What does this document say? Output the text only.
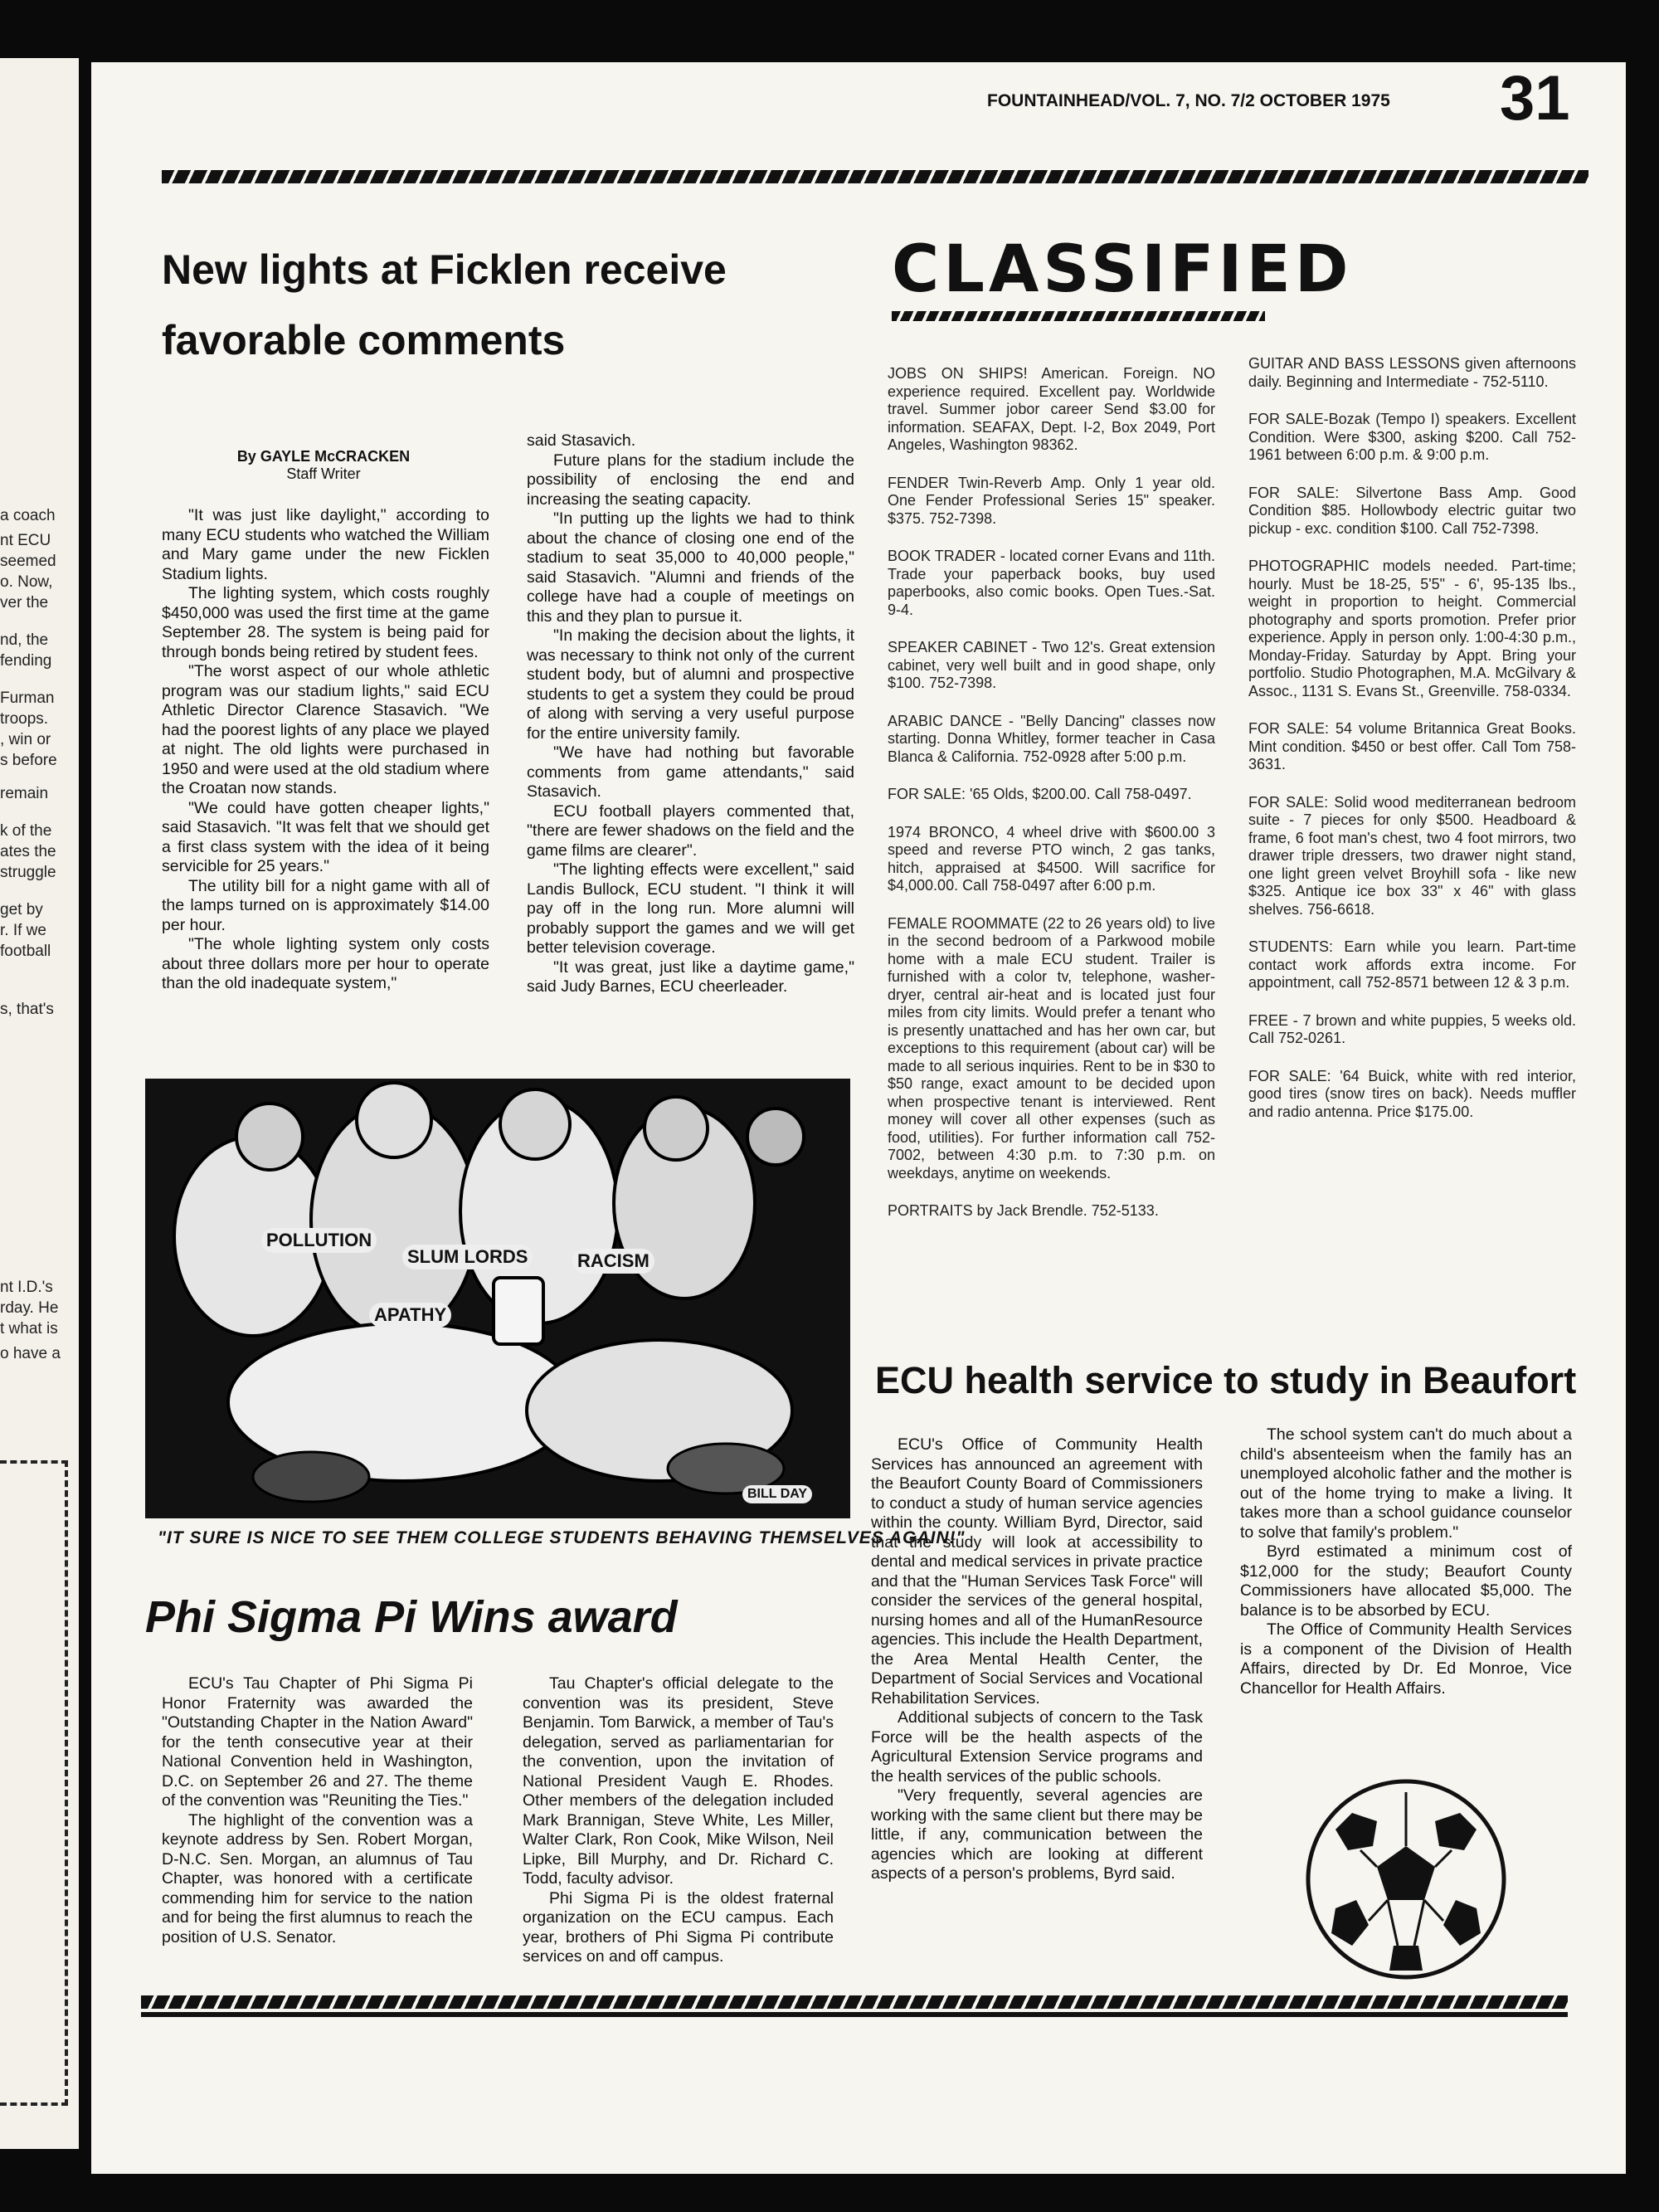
a coach
nt ECU
seemed
o. Now,
ver the
nd, the
fending
Furman
troops.
, win or
s before
remain
k of the
ates the
struggle
get by
r. If we
football
s, that's
nt I.D.'s
rday. He
t what is
o have a
FOUNTAINHEAD/VOL. 7, NO. 7/2 OCTOBER 1975 31
New lights at Ficklen receive
favorable comments
By GAYLE McCRACKEN
Staff Writer

"It was just like daylight," according to many ECU students who watched the William and Mary game under the new Ficklen Stadium lights.

The lighting system, which costs roughly $450,000 was used the first time at the game September 28. The system is being paid for through bonds being retired by student fees.

"The worst aspect of our whole athletic program was our stadium lights," said ECU Athletic Director Clarence Stasavich. "We had the poorest lights of any place we played at night. The old lights were purchased in 1950 and were used at the old stadium where the Croatan now stands.

"We could have gotten cheaper lights," said Stasavich. "It was felt that we should get a first class system with the idea of it being servicible for 25 years."

The utility bill for a night game with all of the lamps turned on is approximately $14.00 per hour.

"The whole lighting system only costs about three dollars more per hour to operate than the old inadequate system,"

said Stasavich.

Future plans for the stadium include the possibility of enclosing the end and increasing the seating capacity.

"In putting up the lights we had to think about the chance of closing one end of the stadium to seat 35,000 to 40,000 people," said Stasavich. "Alumni and friends of the college have had a couple of meetings on this and they plan to pursue it.

"In making the decision about the lights, it was necessary to think not only of the current student body, but of alumni and prospective students to get a system they could be proud of along with serving a very useful purpose for the entire university family.

"We have had nothing but favorable comments from game attendants," said Stasavich.

ECU football players commented that, "there are fewer shadows on the field and the game films are clearer".

"The lighting effects were excellent," said Landis Bullock, ECU student. "I think it will pay off in the long run. More alumni will probably support the games and we will get better television coverage.

"It was great, just like a daytime game," said Judy Barnes, ECU cheerleader.

POLLUTION
SLUM LORDS	RACISM
APATHY
BILL DAY
"IT SURE IS NICE TO SEE THEM COLLEGE STUDENTS BEHAVING THEMSELVES AGAIN!"
Phi Sigma Pi Wins award

ECU's Tau Chapter of Phi Sigma Pi Honor Fraternity was awarded the "Outstanding Chapter in the Nation Award" for the tenth consecutive year at their National Convention held in Washington, D.C. on September 26 and 27. The theme of the convention was "Reuniting the Ties."

The highlight of the convention was a keynote address by Sen. Robert Morgan, D-N.C. Sen. Morgan, an alumnus of Tau Chapter, was honored with a certificate commending him for service to the nation and for being the first alumnus to reach the position of U.S. Senator.

Tau Chapter's official delegate to the convention was its president, Steve Benjamin. Tom Barwick, a member of Tau's delegation, served as parliamentarian for the convention, upon the invitation of National President Vaugh E. Rhodes. Other members of the delegation included Mark Brannigan, Steve White, Les Miller, Walter Clark, Ron Cook, Mike Wilson, Neil Lipke, Bill Murphy, and Dr. Richard C. Todd, faculty advisor.

Phi Sigma Pi is the oldest fraternal organization on the ECU campus. Each year, brothers of Phi Sigma Pi contribute services on and off campus.

CLASSIFIED
JOBS ON SHIPS! American. Foreign. NO experience required. Excellent pay. Worldwide travel. Summer jobor career Send $3.00 for information. SEAFAX, Dept. I-2, Box 2049, Port Angeles, Washington 98362.
FENDER Twin-Reverb Amp. Only 1 year old. One Fender Professional Series 15" speaker. $375. 752-7398.
BOOK TRADER - located corner Evans and 11th. Trade your paperback books, buy used paperbooks, also comic books. Open Tues.-Sat. 9-4.
SPEAKER CABINET - Two 12's. Great extension cabinet, very well built and in good shape, only $100. 752-7398.
ARABIC DANCE - "Belly Dancing" classes now starting. Donna Whitley, former teacher in Casa Blanca & California. 752-0928 after 5:00 p.m.
FOR SALE: '65 Olds, $200.00. Call 758-0497.
1974 BRONCO, 4 wheel drive with $600.00 3 speed and reverse PTO winch, 2 gas tanks, hitch, appraised at $4500. Will sacrifice for $4,000.00. Call 758-0497 after 6:00 p.m.
FEMALE ROOMMATE (22 to 26 years old) to live in the second bedroom of a Parkwood mobile home with a male ECU student. Trailer is furnished with a color tv, telephone, washer-dryer, central air-heat and is located just four miles from city limits. Would prefer a tenant who is presently unattached and has her own car, but exceptions to this requirement (about car) will be made to all serious inquiries. Rent to be in $30 to $50 range, exact amount to be decided upon when prospective tenant is interviewed. Rent money will cover all other expenses (such as food, utilities). For further information call 752-7002, between 4:30 p.m. to 7:30 p.m. on weekdays, anytime on weekends.
PORTRAITS by Jack Brendle. 752-5133.
GUITAR AND BASS LESSONS given afternoons daily. Beginning and Intermediate - 752-5110.
FOR SALE-Bozak (Tempo I) speakers. Excellent Condition. Were $300, asking $200. Call 752-1961 between 6:00 p.m. & 9:00 p.m.
FOR SALE: Silvertone Bass Amp. Good Condition $85. Hollowbody electric guitar two pickup - exc. condition $100. Call 752-7398.
PHOTOGRAPHIC models needed. Part-time; hourly. Must be 18-25, 5'5" - 6', 95-135 lbs., weight in proportion to height. Commercial photography and sports promotion. Prefer prior experience. Apply in person only. 1:00-4:30 p.m., Monday-Friday. Saturday by Appt. Bring your portfolio. Studio Photographen, M.A. McGilvary & Assoc., 1131 S. Evans St., Greenville. 758-0334.
FOR SALE: 54 volume Britannica Great Books. Mint condition. $450 or best offer. Call Tom 758-3631.
FOR SALE: Solid wood mediterranean bedroom suite - 7 pieces for only $500. Headboard & frame, 6 foot man's chest, two 4 foot mirrors, two drawer triple dressers, two drawer night stand, one light green velvet Broyhill sofa - like new $325. Antique ice box 33" x 46" with glass shelves. 756-6618.
STUDENTS: Earn while you learn. Part-time contact work affords extra income. For appointment, call 752-8571 between 12 & 3 p.m.
FREE - 7 brown and white puppies, 5 weeks old. Call 752-0261.
FOR SALE: '64 Buick, white with red interior, good tires (snow tires on back). Needs muffler and radio antenna. Price $175.00.
ECU health service to study in Beaufort

ECU's Office of Community Health Services has announced an agreement with the Beaufort County Board of Commissioners to conduct a study of human service agencies within the county. William Byrd, Director, said that the study will look at accessibility to dental and medical services in private practice and that the "Human Services Task Force" will consider the services of the general hospital, nursing homes and all of the HumanResource agencies. This include the Health Department, the Area Mental Health Center, the Department of Social Services and Vocational Rehabilitation Services.

Additional subjects of concern to the Task Force will be the health aspects of the Agricultural Extension Service programs and the health services of the public schools.

"Very frequently, several agencies are working with the same client but there may be little, if any, communication between the agencies which are looking at different aspects of a person's problems, Byrd said.

The school system can't do much about a child's absenteeism when the family has an unemployed alcoholic father and the mother is out of the home trying to make a living. It takes more than a school guidance counselor to solve that family's problem."

Byrd estimated a minimum cost of $12,000 for the study; Beaufort County Commissioners have allocated $5,000. The balance is to be absorbed by ECU.

The Office of Community Health Services is a component of the Division of Health Affairs, directed by Dr. Ed Monroe, Vice Chancellor for Health Affairs.
